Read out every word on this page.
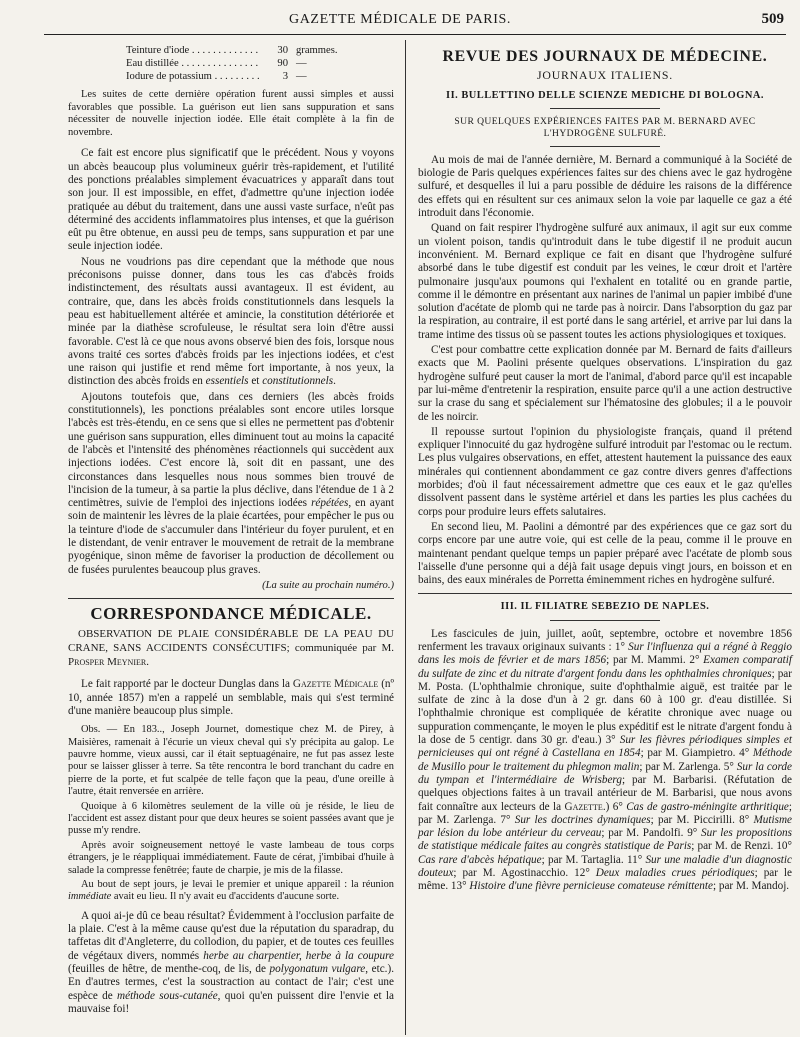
GAZETTE MÉDICALE DE PARIS.	509
Teinture d'iode . . .	30 grammes.
Eau distillée . . .	90 —
Iodure de potassium . . .	3 —

Les suites de cette dernière opération furent aussi simples et aussi favorables que possible. La guérison eut lien sans suppuration et sans nécessiter de nouvelle injection iodée. Elle était complète à la fin de novembre.

Ce fait est encore plus significatif que le précédent. Nous y voyons un abcès beaucoup plus volumineux guérir très-rapidement, et l'utilité des ponctions préalables simplement évacuatrices y apparaît dans tout son jour. Il est impossible, en effet, d'admettre qu'une injection iodée pratiquée au début du traitement, dans une aussi vaste surface, n'eût pas déterminé des accidents inflammatoires plus intenses, et que la guérison eût pu être obtenue, en aussi peu de temps, sans suppuration et par une seule injection iodée.

Nous ne voudrions pas dire cependant que la méthode que nous préconisons puisse donner, dans tous les cas d'abcès froids indistinctement, des résultats aussi avantageux. Il est évident, au contraire, que, dans les abcès froids constitutionnels dans lesquels la peau est habituellement altérée et amincie, la constitution détériorée et minée par la diathèse scrofuleuse, le résultat sera loin d'être aussi favorable. C'est là ce que nous avons observé bien des fois, lorsque nous avons traité ces sortes d'abcès froids par les injections iodées, et c'est une raison qui justifie et rend même fort importante, à nos yeux, la distinction des abcès froids en essentiels et constitutionnels.

Ajoutons toutefois que, dans ces derniers (les abcès froids constitutionnels), les ponctions préalables sont encore utiles lorsque l'abcès est très-étendu, en ce sens que si elles ne permettent pas d'obtenir une guérison sans suppuration, elles diminuent tout au moins la capacité de l'abcès et l'intensité des phénomènes réactionnels qui succèdent aux injections iodées. C'est encore là, soit dit en passant, une des circonstances dans lesquelles nous nous sommes bien trouvé de l'incision de la tumeur, à sa partie la plus déclive, dans l'étendue de 1 à 2 centimètres, suivie de l'emploi des injections iodées répétées, en ayant soin de maintenir les lèvres de la plaie écartées, pour empêcher le pus ou la teinture d'iode de s'accumuler dans l'intérieur du foyer purulent, et en le distendant, de venir entraver le mouvement de retrait de la membrane pyogénique, sinon même de favoriser la production de décollement ou de fusées purulentes beaucoup plus graves.

(La suite au prochain numéro.)
CORRESPONDANCE MÉDICALE.
OBSERVATION DE PLAIE CONSIDÉRABLE DE LA PEAU DU CRANE, SANS ACCIDENTS CONSÉCUTIFS; communiquée par M. Prosper Meynier.

Le fait rapporté par le docteur Dunglas dans la Gazette Médicale (nº 10, année 1857) m'en a rappelé un semblable, mais qui s'est terminé d'une manière beaucoup plus simple.

Obs. — En 183.., Joseph Journet, domestique chez M. de Pirey, à Maisières, ramenait à l'écurie un vieux cheval qui s'y précipita au galop. Le pauvre homme, vieux aussi, car il était septuagénaire, ne fut pas assez leste pour se laisser glisser à terre. Sa tête rencontra le bord tranchant du cadre en pierre de la porte, et fut scalpée de telle façon que la peau, d'une oreille à l'autre, était renversée en arrière.

Quoique à 6 kilomètres seulement de la ville où je réside, le lieu de l'accident est assez distant pour que deux heures se soient passées avant que je pusse m'y rendre.

Après avoir soigneusement nettoyé le vaste lambeau de tous corps étrangers, je le réappliquai immédiatement. Faute de cérat, j'imbibai d'huile à salade la compresse fenêtrée; faute de charpie, je mis de la filasse.

Au bout de sept jours, je levai le premier et unique appareil : la réunion immédiate avait eu lieu. Il n'y avait eu d'accidents d'aucune sorte.

A quoi ai-je dû ce beau résultat? Évidemment à l'occlusion parfaite de la plaie. C'est à la même cause qu'est due la réputation du sparadrap, du taffetas dit d'Angleterre, du collodion, du papier, et de toutes ces feuilles de végétaux divers, nommés herbe au charpentier, herbe à la coupure (feuilles de hêtre, de menthe-coq, de lis, de polygonatum vulgare, etc.). En d'autres termes, c'est la soustraction au contact de l'air; c'est une espèce de méthode sous-cutanée, quoi qu'en puissent dire l'envie et la mauvaise foi!

REVUE DES JOURNAUX DE MÉDECINE.
JOURNAUX ITALIENS.
II. BULLETTINO DELLE SCIENZE MEDICHE DI BOLOGNA.
SUR QUELQUES EXPÉRIENCES FAITES PAR M. BERNARD AVEC L'HYDROGÈNE SULFURÉ.

Au mois de mai de l'année dernière, M. Bernard a communiqué à la Société de biologie de Paris quelques expériences faites sur des chiens avec le gaz hydrogène sulfuré, et desquelles il lui a paru possible de déduire les raisons de la différence des effets qui en résultent sur ces animaux selon la voie par laquelle ce gaz a été introduit dans l'économie.

Quand on fait respirer l'hydrogène sulfuré aux animaux, il agit sur eux comme un violent poison, tandis qu'introduit dans le tube digestif il ne produit aucun inconvénient. M. Bernard explique ce fait en disant que l'hydrogène sulfuré absorbé dans le tube digestif est conduit par les veines, le cœur droit et l'artère pulmonaire jusqu'aux poumons qui l'exhalent en totalité ou en grande partie, comme il le démontre en présentant aux narines de l'animal un papier imbibé d'une solution d'acétate de plomb qui ne tarde pas à noircir. Dans l'absorption du gaz par la respiration, au contraire, il est porté dans le sang artériel, et arrive par lui dans la trame intime des tissus où se passent toutes les actions physiologiques et toxiques.

C'est pour combattre cette explication donnée par M. Bernard de faits d'ailleurs exacts que M. Paolini présente quelques observations. L'inspiration du gaz hydrogène sulfuré peut causer la mort de l'animal, d'abord parce qu'il est incapable par lui-même d'entretenir la respiration, ensuite parce qu'il a une action destructive sur la crase du sang et spécialement sur l'hématosine des globules; il a le pouvoir de les noircir.

Il repousse surtout l'opinion du physiologiste français, quand il prétend expliquer l'innocuité du gaz hydrogène sulfuré introduit par l'estomac ou le rectum. Les plus vulgaires observations, en effet, attestent hautement la puissance des eaux minérales qui contiennent abondamment ce gaz contre divers genres d'affections morbides; d'où il faut nécessairement admettre que ces eaux et le gaz qu'elles dissolvent passent dans le système artériel et dans les parties les plus cachées du corps pour produire leurs effets salutaires.

En second lieu, M. Paolini a démontré par des expériences que ce gaz sort du corps encore par une autre voie, qui est celle de la peau, comme il le prouve en maintenant pendant quelque temps un papier préparé avec l'acétate de plomb sous l'aisselle d'une personne qui a déjà fait usage depuis vingt jours, en boisson et en bains, des eaux minérales de Porretta éminemment riches en hydrogène sulfuré.

III. IL FILIATRE SEBEZIO DE NAPLES.

Les fascicules de juin, juillet, août, septembre, octobre et novembre 1856 renferment les travaux originaux suivants : 1° Sur l'influenza qui a régné à Reggio dans les mois de février et de mars 1856; par M. Mammi. 2° Examen comparatif du sulfate de zinc et du nitrate d'argent fondu dans les ophthalmies chroniques; par M. Posta. (L'ophthalmie chronique, suite d'ophthalmie aiguë, est traitée par le sulfate de zinc à la dose d'un à 2 gr. dans 60 à 100 gr. d'eau distillée. Si l'ophthalmie chronique est compliquée de kératite chronique avec nuage ou suppuration commençante, le moyen le plus expéditif est le nitrate d'argent fondu à la dose de 5 centigr. dans 30 gr. d'eau.) 3° Sur les fièvres périodiques simples et pernicieuses qui ont régné à Castellana en 1854; par M. Giampietro. 4° Méthode de Musillo pour le traitement du phlegmon malin; par M. Zarlenga. 5° Sur la corde du tympan et l'intermédiaire de Wrisberg; par M. Barbarisi. (Réfutation de quelques objections faites à un travail antérieur de M. Barbarisi, que nous avons fait connaître aux lecteurs de la Gazette.) 6° Cas de gastro-méningite arthritique; par M. Zarlenga. 7° Sur les doctrines dynamiques; par M. Piccirilli. 8° Mutisme par lésion du lobe antérieur du cerveau; par M. Pandolfi. 9° Sur les propositions de statistique médicale faites au congrès statistique de Paris; par M. de Renzi. 10° Cas rare d'abcès hépatique; par M. Tartaglia. 11° Sur une maladie d'un diagnostic douteux; par M. Agostinacchio. 12° Deux maladies crues périodiques; par le même. 13° Histoire d'une fièvre pernicieuse comateuse rémittente; par M. Mandoj.
